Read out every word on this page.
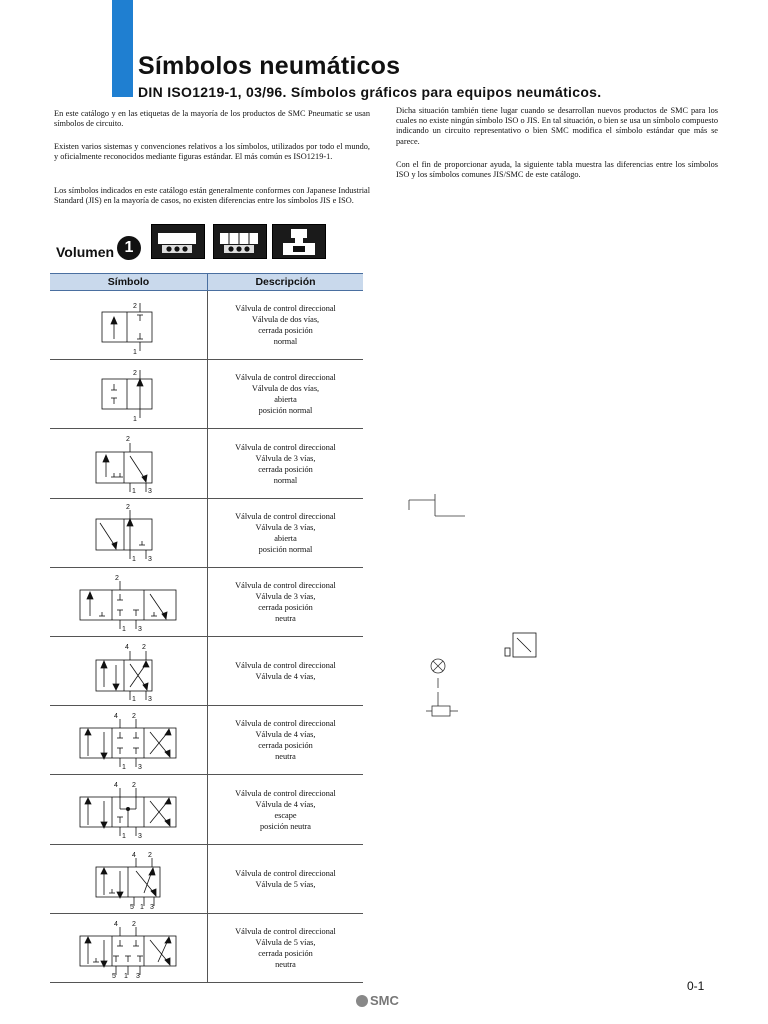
Símbolos neumáticos
DIN ISO1219-1, 03/96. Símbolos gráficos para equipos neumáticos.
En este catálogo y en las etiquetas de la mayoría de los productos de SMC Pneumatic se usan símbolos de circuito.
Existen varios sistemas y convenciones relativos a los símbolos, utilizados por todo el mundo, y oficialmente reconocidos mediante figuras estándar. El más común es ISO1219-1.
Los símbolos indicados en este catálogo están generalmente conformes con Japanese Industrial Standard (JIS) en la mayoría de casos, no existen diferencias entre los símbolos JIS e ISO.
Dicha situación también tiene lugar cuando se desarrollan nuevos productos de SMC para los cuales no existe ningún símbolo ISO o JIS. En tal situación, o bien se usa un símbolo compuesto indicando un circuito representativo o bien SMC modifica el símbolo estándar que más se parece.
Con el fin de proporcionar ayuda, la siguiente tabla muestra las diferencias entre los símbolos ISO y los símbolos comunes JIS/SMC de este catálogo.
Volumen 1
Símbolo	Descripción
2
1
Válvula de control direccional
Válvula de dos vías,
cerrada posición
normal
2
1
Válvula de control direccional
Válvula de dos vías,
abierta
posición normal
2
1 3
Válvula de control direccional
Válvula de 3 vías,
cerrada posición
normal
2
1 3
Válvula de control direccional
Válvula de 3 vías,
abierta
posición normal
2
1 3
Válvula de control direccional
Válvula de 3 vías,
cerrada posición
neutra
4 2
1 3
Válvula de control direccional
Válvula de 4 vías,
4 2
1 3
Válvula de control direccional
Válvula de 4 vías,
cerrada posición
neutra
4 2
1 3
Válvula de control direccional
Válvula de 4 vías,
escape
posición neutra
4 2
5 1 3
Válvula de control direccional
Válvula de 5 vías,
4 2
5 1 3
Válvula de control direccional
Válvula de 5 vías,
cerrada posición
neutra
0-1
SMC
